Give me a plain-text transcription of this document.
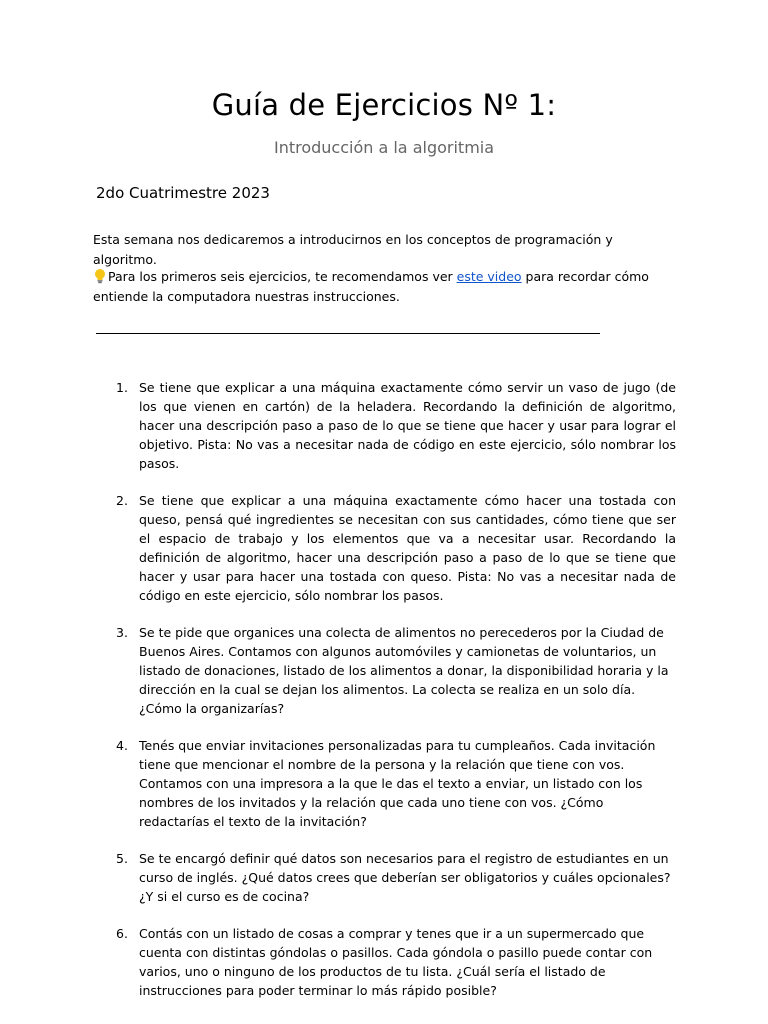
Guía de Ejercicios Nº 1:
Introducción a la algoritmia
2do Cuatrimestre 2023
Esta semana nos dedicaremos a introducirnos en los conceptos de programación y algoritmo.
Para los primeros seis ejercicios, te recomendamos ver este video para recordar cómo entiende la computadora nuestras instrucciones.
1. Se tiene que explicar a una máquina exactamente cómo servir un vaso de jugo (de los que vienen en cartón) de la heladera. Recordando la definición de algoritmo, hacer una descripción paso a paso de lo que se tiene que hacer y usar para lograr el objetivo. Pista: No vas a necesitar nada de código en este ejercicio, sólo nombrar los pasos.
2. Se tiene que explicar a una máquina exactamente cómo hacer una tostada con queso, pensá qué ingredientes se necesitan con sus cantidades, cómo tiene que ser el espacio de trabajo y los elementos que va a necesitar usar. Recordando la definición de algoritmo, hacer una descripción paso a paso de lo que se tiene que hacer y usar para hacer una tostada con queso. Pista: No vas a necesitar nada de código en este ejercicio, sólo nombrar los pasos.
3. Se te pide que organices una colecta de alimentos no perecederos por la Ciudad de Buenos Aires. Contamos con algunos automóviles y camionetas de voluntarios, un listado de donaciones, listado de los alimentos a donar, la disponibilidad horaria y la dirección en la cual se dejan los alimentos. La colecta se realiza en un solo día. ¿Cómo la organizarías?
4. Tenés que enviar invitaciones personalizadas para tu cumpleaños. Cada invitación tiene que mencionar el nombre de la persona y la relación que tiene con vos. Contamos con una impresora a la que le das el texto a enviar, un listado con los nombres de los invitados y la relación que cada uno tiene con vos. ¿Cómo redactarías el texto de la invitación?
5. Se te encargó definir qué datos son necesarios para el registro de estudiantes en un curso de inglés. ¿Qué datos crees que deberían ser obligatorios y cuáles opcionales? ¿Y si el curso es de cocina?
6. Contás con un listado de cosas a comprar y tenes que ir a un supermercado que cuenta con distintas góndolas o pasillos. Cada góndola o pasillo puede contar con varios, uno o ninguno de los productos de tu lista. ¿Cuál sería el listado de instrucciones para poder terminar lo más rápido posible?
